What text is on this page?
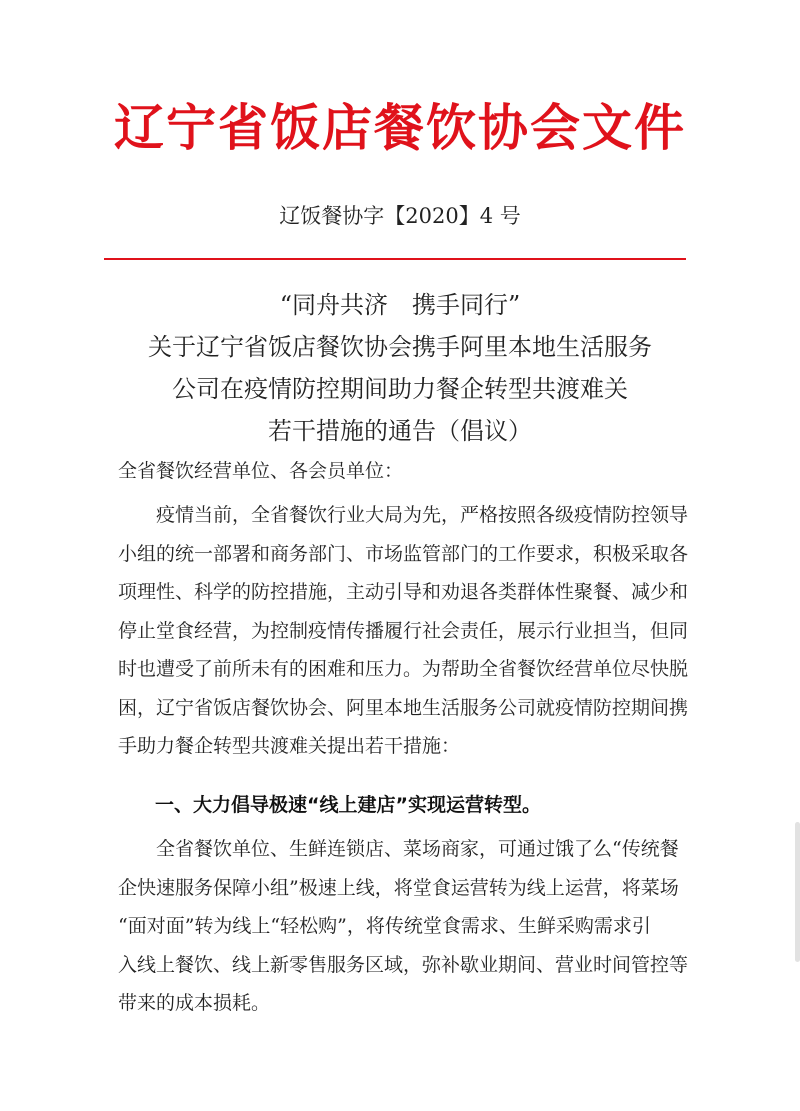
辽宁省饭店餐饮协会文件
辽饭餐协字【2020】4 号
“同舟共济　携手同行”
关于辽宁省饭店餐饮协会携手阿里本地生活服务
公司在疫情防控期间助力餐企转型共渡难关
若干措施的通告（倡议）
全省餐饮经营单位、各会员单位：
疫情当前，全省餐饮行业大局为先，严格按照各级疫情防控领导
小组的统一部署和商务部门、市场监管部门的工作要求，积极采取各
项理性、科学的防控措施，主动引导和劝退各类群体性聚餐、减少和
停止堂食经营，为控制疫情传播履行社会责任，展示行业担当，但同
时也遭受了前所未有的困难和压力。为帮助全省餐饮经营单位尽快脱
困，辽宁省饭店餐饮协会、阿里本地生活服务公司就疫情防控期间携
手助力餐企转型共渡难关提出若干措施：
一、大力倡导极速“线上建店”实现运营转型。
全省餐饮单位、生鲜连锁店、菜场商家，可通过饿了么“传统餐
企快速服务保障小组”极速上线，将堂食运营转为线上运营，将菜场
“面对面”转为线上“轻松购”，将传统堂食需求、生鲜采购需求引
入线上餐饮、线上新零售服务区域，弥补歇业期间、营业时间管控等
带来的成本损耗。
